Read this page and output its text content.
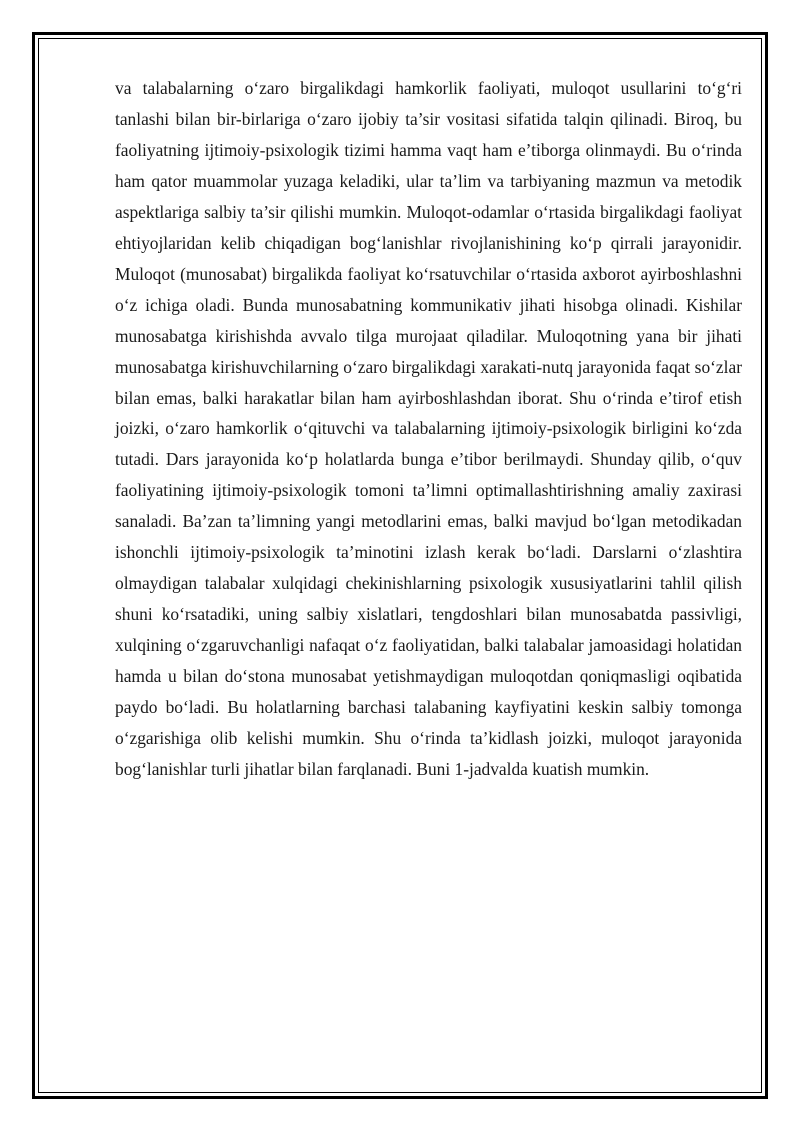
va talabalarning o‘zaro birgalikdagi hamkorlik faoliyati, muloqot usullarini to‘g‘ri tanlashi bilan bir-birlariga o‘zaro ijobiy ta’sir vositasi sifatida talqin qilinadi. Biroq, bu faoliyatning ijtimoiy-psixologik tizimi hamma vaqt ham e’tiborga olinmaydi. Bu o‘rinda ham qator muammolar yuzaga keladiki, ular ta’lim va tarbiyaning mazmun va metodik aspektlariga salbiy ta’sir qilishi mumkin. Muloqot-odamlar o‘rtasida birgalikdagi faoliyat ehtiyojlaridan kelib chiqadigan bog‘lanishlar rivojlanishining ko‘p qirrali jarayonidir. Muloqot (munosabat) birgalikda faoliyat ko‘rsatuvchilar o‘rtasida axborot ayirboshlashni o‘z ichiga oladi. Bunda munosabatning kommunikativ jihati hisobga olinadi. Kishilar munosabatga kirishishda avvalo tilga murojaat qiladilar. Muloqotning yana bir jihati munosabatga kirishuvchilarning o‘zaro birgalikdagi xarakati-nutq jarayonida faqat so‘zlar bilan emas, balki harakatlar bilan ham ayirboshlashdan iborat. Shu o‘rinda e’tirof etish joizki, o‘zaro hamkorlik o‘qituvchi va talabalarning ijtimoiy-psixologik birligini ko‘zda tutadi. Dars jarayonida ko‘p holatlarda bunga e’tibor berilmaydi. Shunday qilib, o‘quv faoliyatining ijtimoiy-psixologik tomoni ta’limni optimallashtirishning amaliy zaxirasi sanaladi. Ba’zan ta’limning yangi metodlarini emas, balki mavjud bo‘lgan metodikadan ishonchli ijtimoiy-psixologik ta’minotini izlash kerak bo‘ladi. Darslarni o‘zlashtira olmaydigan talabalar xulqidagi chekinishlarning psixologik xususiyatlarini tahlil qilish shuni ko‘rsatadiki, uning salbiy xislatlari, tengdoshlari bilan munosabatda passivligi, xulqining o‘zgaruvchanligi nafaqat o‘z faoliyatidan, balki talabalar jamoasidagi holatidan hamda u bilan do‘stona munosabat yetishmaydigan muloqotdan qoniqmasligi oqibatida paydo bo‘ladi. Bu holatlarning barchasi talabaning kayfiyatini keskin salbiy tomonga o‘zgarishiga olib kelishi mumkin. Shu o‘rinda ta’kidlash joizki, muloqot jarayonida bog‘lanishlar turli jihatlar bilan farqlanadi. Buni 1-jadvalda kuatish mumkin.
